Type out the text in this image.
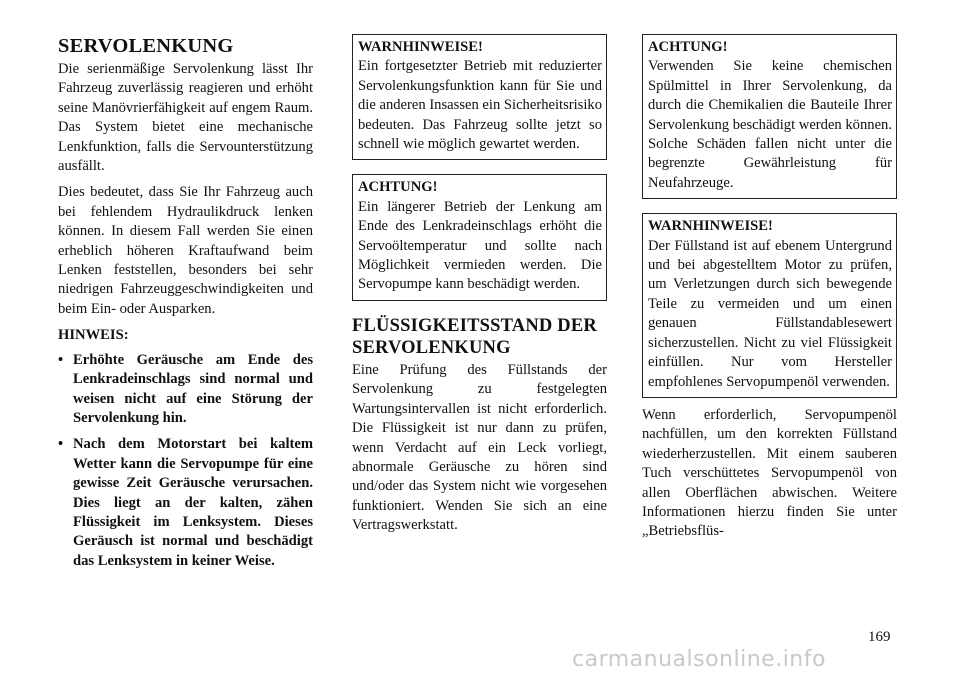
SERVOLENKUNG

Die serienmäßige Servolenkung lässt Ihr Fahrzeug zuverlässig reagieren und erhöht seine Manövrierfähigkeit auf engem Raum. Das System bietet eine mechanische Lenkfunktion, falls die Servounterstützung ausfällt.

Dies bedeutet, dass Sie Ihr Fahrzeug auch bei fehlendem Hydraulikdruck lenken können. In diesem Fall werden Sie einen erheblich höheren Kraftaufwand beim Lenken feststellen, besonders bei sehr niedrigen Fahrzeuggeschwindigkeiten und beim Ein- oder Ausparken.

HINWEIS:
• Erhöhte Geräusche am Ende des Lenkradeinschlags sind normal und weisen nicht auf eine Störung der Servolenkung hin.
• Nach dem Motorstart bei kaltem Wetter kann die Servopumpe für eine gewisse Zeit Geräusche verursachen. Dies liegt an der kalten, zähen Flüssigkeit im Lenksystem. Dieses Geräusch ist normal und beschädigt das Lenksystem in keiner Weise.
WARNHINWEISE!

Ein fortgesetzter Betrieb mit reduzierter Servolenkungsfunktion kann für Sie und die anderen Insassen ein Sicherheitsrisiko bedeuten. Das Fahrzeug sollte jetzt so schnell wie möglich gewartet werden.

ACHTUNG!

Ein längerer Betrieb der Lenkung am Ende des Lenkradeinschlags erhöht die Servoöltemperatur und sollte nach Möglichkeit vermieden werden. Die Servopumpe kann beschädigt werden.

FLÜSSIGKEITSSTAND DER SERVOLENKUNG

Eine Prüfung des Füllstands der Servolenkung zu festgelegten Wartungsintervallen ist nicht erforderlich. Die Flüssigkeit ist nur dann zu prüfen, wenn Verdacht auf ein Leck vorliegt, abnormale Geräusche zu hören sind und/oder das System nicht wie vorgesehen funktioniert. Wenden Sie sich an eine Vertragswerkstatt.

ACHTUNG!

Verwenden Sie keine chemischen Spülmittel in Ihrer Servolenkung, da durch die Chemikalien die Bauteile Ihrer Servolenkung beschädigt werden können. Solche Schäden fallen nicht unter die begrenzte Gewährleistung für Neufahrzeuge.

WARNHINWEISE!

Der Füllstand ist auf ebenem Untergrund und bei abgestelltem Motor zu prüfen, um Verletzungen durch sich bewegende Teile zu vermeiden und um einen genauen Füllstandablesewert sicherzustellen. Nicht zu viel Flüssigkeit einfüllen. Nur vom Hersteller empfohlenes Servopumpenöl verwenden.

Wenn erforderlich, Servopumpenöl nachfüllen, um den korrekten Füllstand wiederherzustellen. Mit einem sauberen Tuch verschüttetes Servopumpenöl von allen Oberflächen abwischen. Weitere Informationen hierzu finden Sie unter „Betriebsflüs-

169
carmanualsonline.info
